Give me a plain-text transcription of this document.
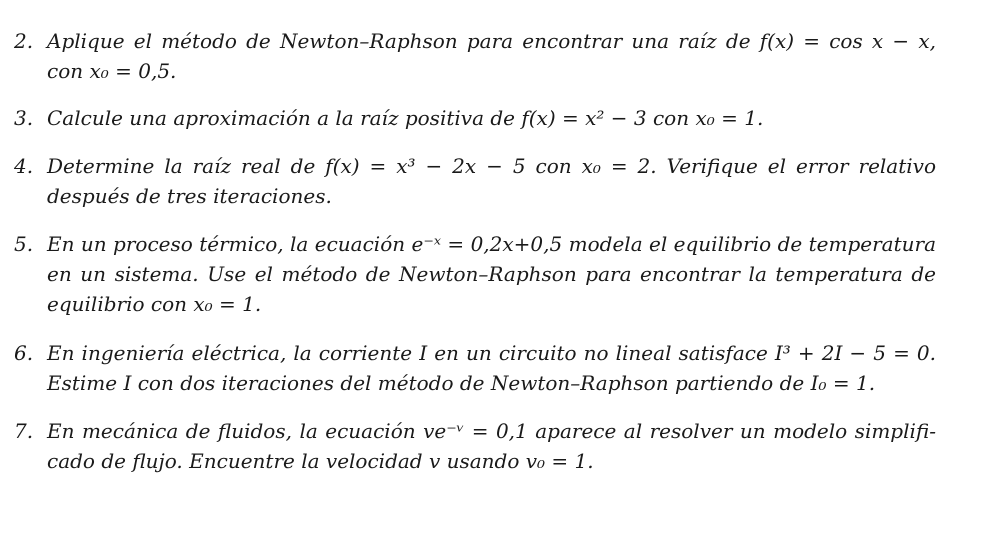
2. Aplique el método de Newton–Raphson para encontrar una raíz de f(x) = cos x − x,
con x₀ = 0,5.
3. Calcule una aproximación a la raíz positiva de f(x) = x² − 3 con x₀ = 1.
4. Determine la raíz real de f(x) = x³ − 2x − 5 con x₀ = 2. Verifique el error relativo
después de tres iteraciones.
5. En un proceso térmico, la ecuación e⁻ˣ = 0,2x+0,5 modela el equilibrio de temperatura
en un sistema. Use el método de Newton–Raphson para encontrar la temperatura de
equilibrio con x₀ = 1.
6. En ingeniería eléctrica, la corriente I en un circuito no lineal satisface I³ + 2I − 5 = 0.
Estime I con dos iteraciones del método de Newton–Raphson partiendo de I₀ = 1.
7. En mecánica de fluidos, la ecuación ve⁻ᵛ = 0,1 aparece al resolver un modelo simplifi-
cado de flujo. Encuentre la velocidad v usando v₀ = 1.
